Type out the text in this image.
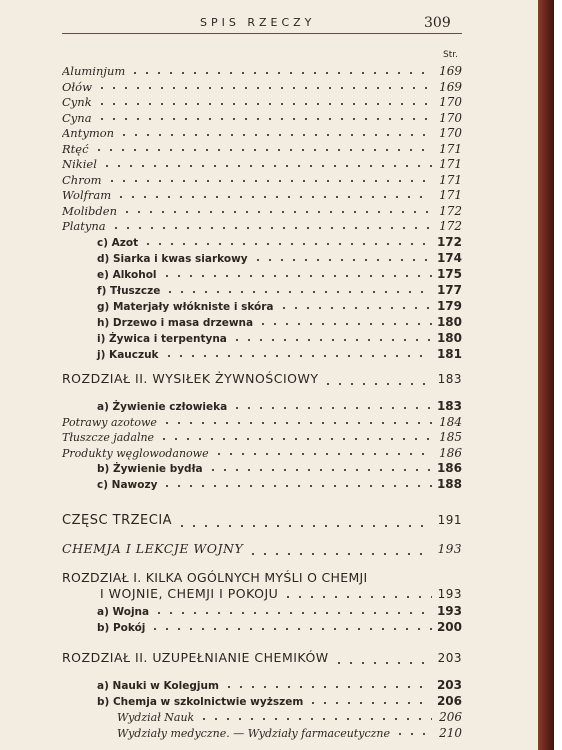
SPIS RZECZY	309
Str.
Aluminjum	169
Ołów	169
Cynk	170
Cyna	170
Antymon	170
Rtęć	171
Nikiel	171
Chrom	171
Wolfram	171
Molibden	172
Platyna	172
c) Azot	172
d) Siarka i kwas siarkowy	174
e) Alkohol	175
f) Tłuszcze	177
g) Materjały włókniste i skóra	179
h) Drzewo i masa drzewna	180
i) Żywica i terpentyna	180
j) Kauczuk	181
ROZDZIAŁ II. WYSIŁEK ŻYWNOŚCIOWY	183
a) Żywienie człowieka	183
Potrawy azotowe	184
Tłuszcze jadalne	185
Produkty węglowodanowe	186
b) Żywienie bydła	186
c) Nawozy	188
CZĘŚĆ TRZECIA	191
CHEMJA I LEKCJE WOJNY	193
ROZDZIAŁ I. KILKA OGÓLNYCH MYŚLI O CHEMJI
I WOJNIE, CHEMJI I POKOJU	193
a) Wojna	193
b) Pokój	200
ROZDZIAŁ II. UZUPEŁNIANIE CHEMIKÓW	203
a) Nauki w Kolegjum	203
b) Chemja w szkolnictwie wyższem	206
Wydział Nauk	206
Wydziały medyczne. — Wydziały farmaceutyczne	210
